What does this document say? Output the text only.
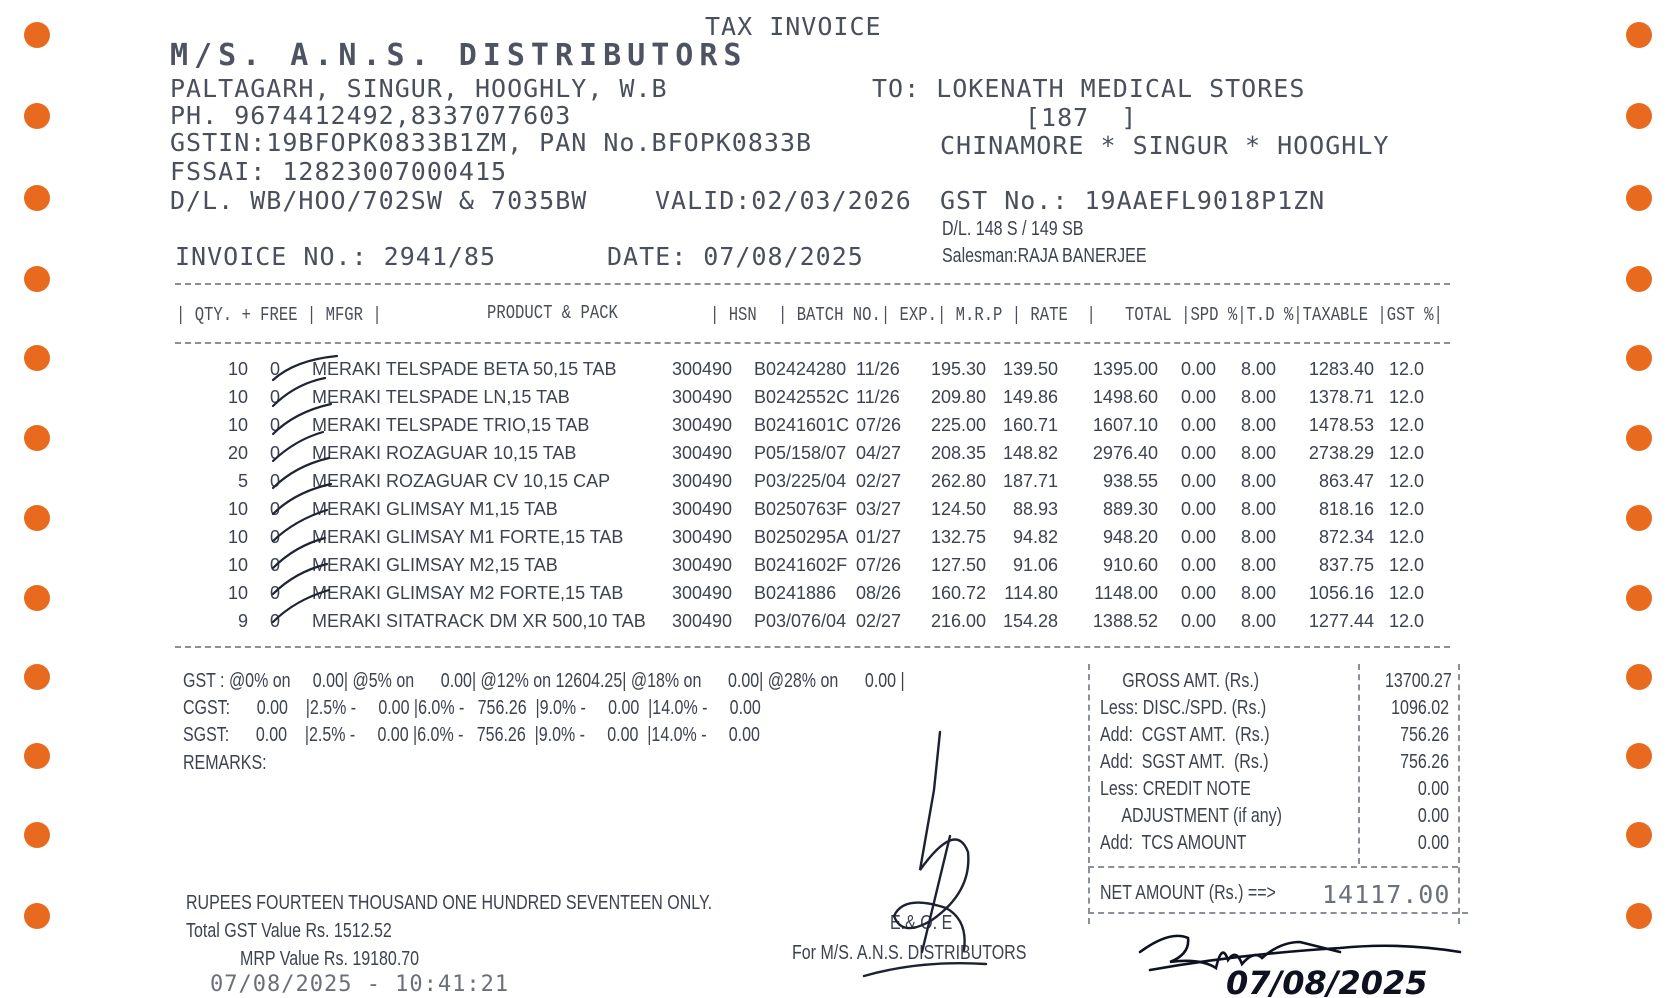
TAX INVOICE
M/S. A.N.S. DISTRIBUTORS
PALTAGARH, SINGUR, HOOGHLY, W.B
PH. 9674412492,8337077603
GSTIN:19BFOPK0833B1ZM, PAN No.BFOPK0833B
FSSAI: 12823007000415
D/L. WB/HOO/702SW & 7035BW	VALID:02/03/2026
TO: LOKENATH MEDICAL STORES
[187  ]
CHINAMORE * SINGUR * HOOGHLY
GST No.: 19AAEFL9018P1ZN
D/L. 148 S / 149 SB
Salesman:RAJA BANERJEE
INVOICE NO.: 2941/85	DATE: 07/08/2025
| QTY. + FREE | MFGR |	PRODUCT & PACK	| HSN | BATCH NO.| EXP.| M.R.P | RATE  | TOTAL |SPD %|T.D %|TAXABLE |GST %|
10	0	MERAKI TELSPADE BETA 50,15 TAB	300490	B02424280	11/26	195.30	139.50	1395.00	0.00	8.00	1283.40	12.0
10	0	MERAKI TELSPADE LN,15 TAB	300490	B0242552C	11/26	209.80	149.86	1498.60	0.00	8.00	1378.71	12.0
10	0	MERAKI TELSPADE TRIO,15 TAB	300490	B0241601C	07/26	225.00	160.71	1607.10	0.00	8.00	1478.53	12.0
20	0	MERAKI ROZAGUAR 10,15 TAB	300490	P05/158/07	04/27	208.35	148.82	2976.40	0.00	8.00	2738.29	12.0
5	0	MERAKI ROZAGUAR CV 10,15 CAP	300490	P03/225/04	02/27	262.80	187.71	938.55	0.00	8.00	863.47	12.0
10	0	MERAKI GLIMSAY M1,15 TAB	300490	B0250763F	03/27	124.50	88.93	889.30	0.00	8.00	818.16	12.0
10	0	MERAKI GLIMSAY M1 FORTE,15 TAB	300490	B0250295A	01/27	132.75	94.82	948.20	0.00	8.00	872.34	12.0
10	0	MERAKI GLIMSAY M2,15 TAB	300490	B0241602F	07/26	127.50	91.06	910.60	0.00	8.00	837.75	12.0
10	0	MERAKI GLIMSAY M2 FORTE,15 TAB	300490	B0241886	08/26	160.72	114.80	1148.00	0.00	8.00	1056.16	12.0
9	0	MERAKI SITATRACK DM XR 500,10 TAB	300490	P03/076/04	02/27	216.00	154.28	1388.52	0.00	8.00	1277.44	12.0
GST : @0% on     0.00| @5% on      0.00| @12% on 12604.25| @18% on      0.00| @28% on      0.00 |
CGST:      0.00    |2.5% -     0.00 |6.0% -   756.26  |9.0% -     0.00  |14.0% -     0.00
SGST:      0.00    |2.5% -     0.00 |6.0% -   756.26  |9.0% -     0.00  |14.0% -     0.00
REMARKS:
GROSS AMT. (Rs.)	13700.27
Less: DISC./SPD. (Rs.)	1096.02
Add:  CGST AMT.  (Rs.)	756.26
Add:  SGST AMT.  (Rs.)	756.26
Less: CREDIT NOTE	0.00
ADJUSTMENT (if any)	0.00
Add:  TCS AMOUNT	0.00
NET AMOUNT (Rs.) ==> 14117.00
RUPEES FOURTEEN THOUSAND ONE HUNDRED SEVENTEEN ONLY.
Total GST Value Rs. 1512.52
MRP Value Rs. 19180.70
07/08/2025 - 10:41:21
E.& O. E
For M/S. A.N.S. DISTRIBUTORS
07/08/2025
